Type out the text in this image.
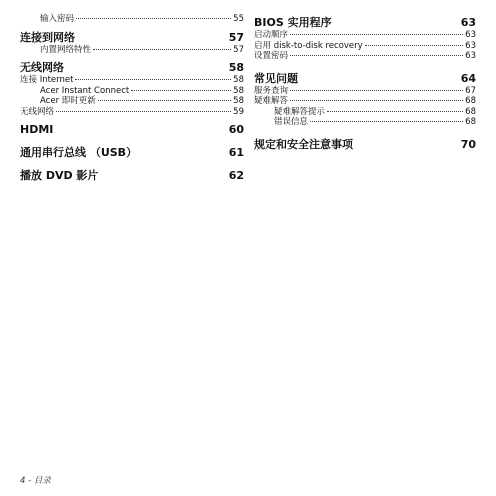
输入密码	55
连接到网络	57
内置网络特性	57
无线网络	58
连接 Internet	58
Acer Instant Connect	58
Acer 即时更新	58
无线网络	59
HDMI	60
通用串行总线 （USB）	61
播放 DVD 影片	62
BIOS 实用程序	63
启动顺序	63
启用 disk-to-disk recovery	63
设置密码	63
常见问题	64
服务查询	67
疑难解答	68
疑难解答提示	68
错误信息	68
规定和安全注意事项	70
4 - 目录
